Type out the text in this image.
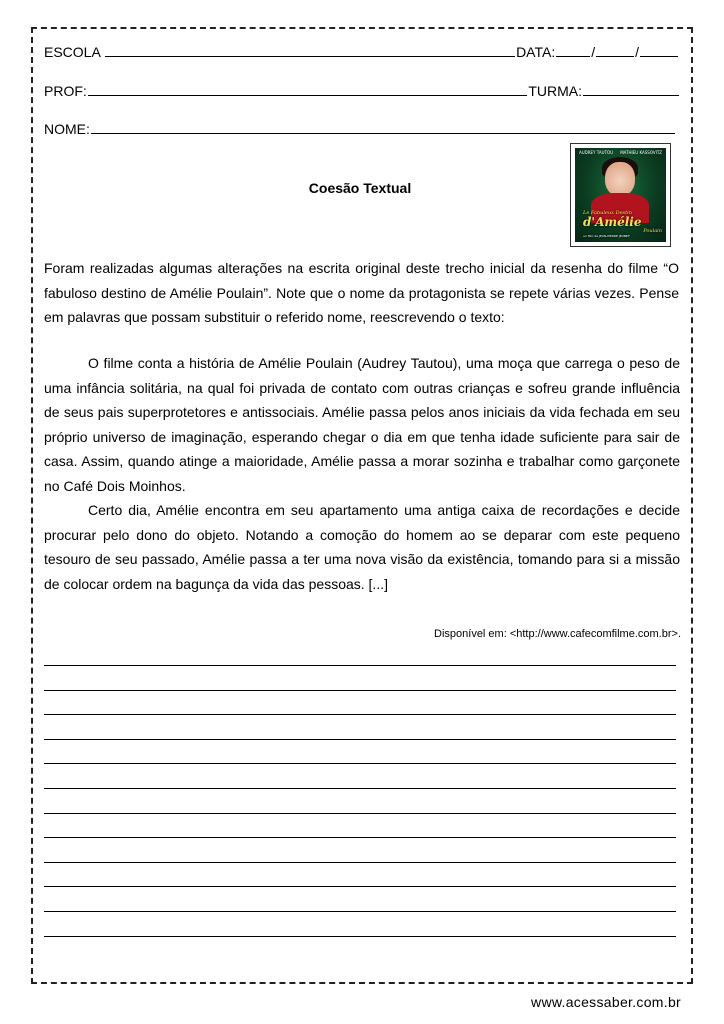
ESCOLA	DATA:	/	/
PROF:	TURMA:
NOME:
Coesão Textual
AUDREY TAUTOU MATHIEU KASSOVITZ
Le Fabuleux Destin
d'Amélie
Poulain
un film de JEAN-PIERRE JEUNET

Foram realizadas algumas alterações na escrita original deste trecho inicial da resenha do filme “O fabuloso destino de Amélie Poulain”. Note que o nome da protagonista se repete várias vezes. Pense em palavras que possam substituir o referido nome, reescrevendo o texto:

O filme conta a história de Amélie Poulain (Audrey Tautou), uma moça que carrega o peso de uma infância solitária, na qual foi privada de contato com outras crianças e sofreu grande influência de seus pais superprotetores e antissociais. Amélie passa pelos anos iniciais da vida fechada em seu próprio universo de imaginação, esperando chegar o dia em que tenha idade suficiente para sair de casa. Assim, quando atinge a maioridade, Amélie passa a morar sozinha e trabalhar como garçonete no Café Dois Moinhos.

Certo dia, Amélie encontra em seu apartamento uma antiga caixa de recordações e decide procurar pelo dono do objeto. Notando a comoção do homem ao se deparar com este pequeno tesouro de seu passado, Amélie passa a ter uma nova visão da existência, tomando para si a missão de colocar ordem na bagunça da vida das pessoas. [...]

Disponível em: <http://www.cafecomfilme.com.br>.
www.acessaber.com.br
